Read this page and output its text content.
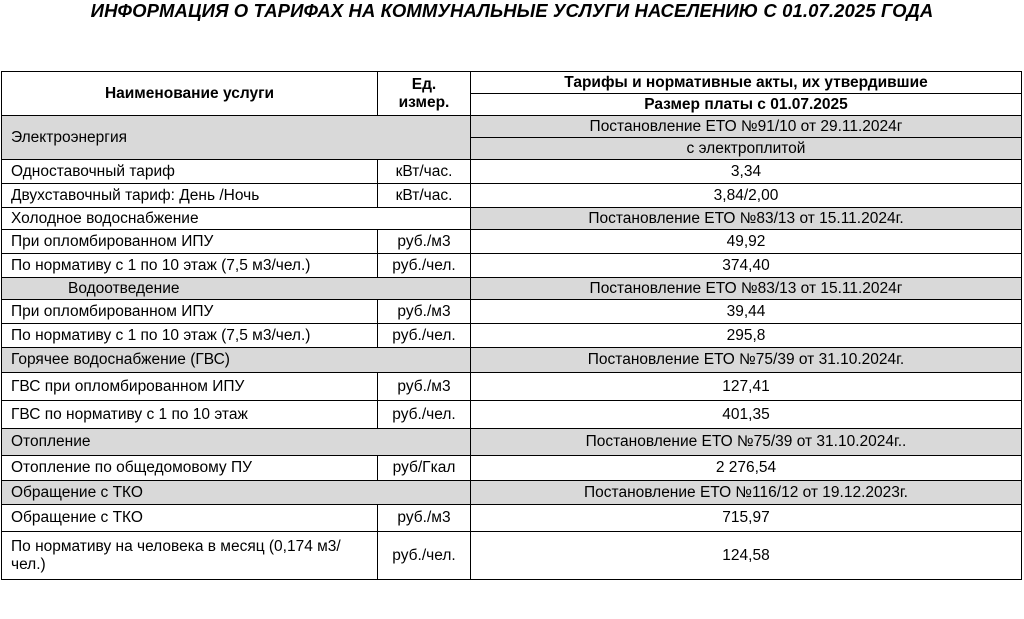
ИНФОРМАЦИЯ О ТАРИФАХ НА КОММУНАЛЬНЫЕ УСЛУГИ НАСЕЛЕНИЮ С 01.07.2025 ГОДА
Наименование услуги	Ед. измер.	Тарифы и нормативные акты, их утвердившие
		Размер платы с 01.07.2025
Электроэнергия		Постановление ЕТО №91/10 от 29.11.2024г
		с электроплитой
Одноставочный тариф	кВт/час.	3,34
Двухставочный тариф: День /Ночь	кВт/час.	3,84/2,00
Холодное водоснабжение		Постановление ЕТО №83/13 от 15.11.2024г.
При опломбированном ИПУ	руб./м3	49,92
По нормативу с 1 по 10 этаж (7,5 м3/чел.)	руб./чел.	374,40
Водоотведение		Постановление ЕТО №83/13 от 15.11.2024г
При опломбированном ИПУ	руб./м3	39,44
По нормативу с 1 по 10 этаж (7,5 м3/чел.)	руб./чел.	295,8
Горячее водоснабжение (ГВС)		Постановление ЕТО №75/39 от 31.10.2024г.
ГВС при опломбированном ИПУ	руб./м3	127,41
ГВС по нормативу с 1 по 10 этаж	руб./чел.	401,35
Отопление		Постановление ЕТО №75/39 от 31.10.2024г..
Отопление по общедомовому ПУ	руб/Гкал	2 276,54
Обращение с ТКО		Постановление ЕТО №116/12 от 19.12.2023г.
Обращение с ТКО	руб./м3	715,97
По нормативу на человека в месяц (0,174 м3/чел.)	руб./чел.	124,58
